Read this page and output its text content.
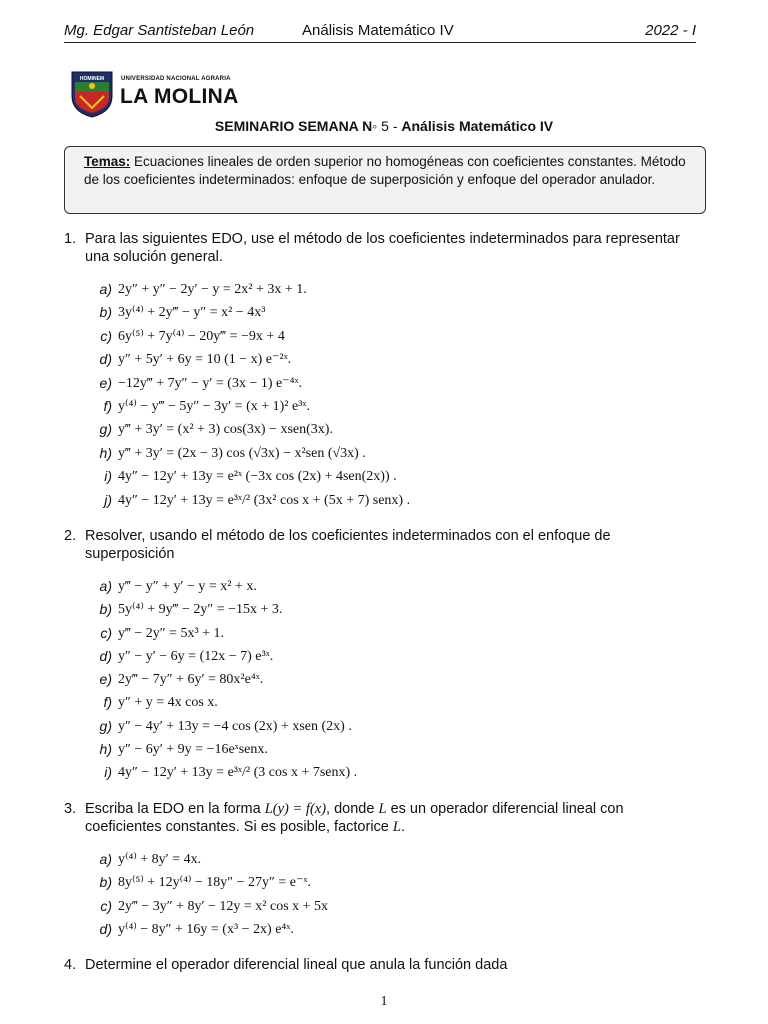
Mg. Edgar Santisteban León	Análisis Matemático IV	2022 - I
HOMINEM	UNIVERSIDAD NACIONAL AGRARIA
LA MOLINA
SEMINARIO SEMANA N◦ 5 - Análisis Matemático IV
Temas: Ecuaciones lineales de orden superior no homogéneas con coeficientes constantes. Método de los coeficientes indeterminados: enfoque de superposición y enfoque del operador anulador.
1. Para las siguientes EDO, use el método de los coeficientes indeterminados para representar una solución general.
a) 2y″ + y″ − 2y′ − y = 2x² + 3x + 1.
b) 3y⁽⁴⁾ + 2y‴ − y″ = x² − 4x³
c) 6y⁽⁵⁾ + 7y⁽⁴⁾ − 20y‴ = −9x + 4
d) y″ + 5y′ + 6y = 10 (1 − x) e⁻²ˣ.
e) −12y‴ + 7y″ − y′ = (3x − 1) e⁻⁴ˣ.
f) y⁽⁴⁾ − y‴ − 5y″ − 3y′ = (x + 1)² e³ˣ.
g) y‴ + 3y′ = (x² + 3) cos(3x) − xsen(3x).
h) y‴ + 3y′ = (2x − 3) cos (√3x) − x²sen (√3x) .
i) 4y″ − 12y′ + 13y = e²ˣ (−3x cos (2x) + 4sen(2x)) .
j) 4y″ − 12y′ + 13y = e³ˣ/² (3x² cos x + (5x + 7) senx) .
2. Resolver, usando el método de los coeficientes indeterminados con el enfoque de superposición
a) y‴ − y″ + y′ − y = x² + x.
b) 5y⁽⁴⁾ + 9y‴ − 2y″ = −15x + 3.
c) y‴ − 2y″ = 5x³ + 1.
d) y″ − y′ − 6y = (12x − 7) e³ˣ.
e) 2y‴ − 7y″ + 6y′ = 80x²e⁴ˣ.
f) y″ + y = 4x cos x.
g) y″ − 4y′ + 13y = −4 cos (2x) + xsen (2x) .
h) y″ − 6y′ + 9y = −16eˣsenx.
i) 4y″ − 12y′ + 13y = e³ˣ/² (3 cos x + 7senx) .
3. Escriba la EDO en la forma L(y) = f(x), donde L es un operador diferencial lineal con coeficientes constantes. Si es posible, factorice L.
a) y⁽⁴⁾ + 8y′ = 4x.
b) 8y⁽⁵⁾ + 12y⁽⁴⁾ − 18y″ − 27y″ = e⁻ˣ.
c) 2y‴ − 3y″ + 8y′ − 12y = x² cos x + 5x
d) y⁽⁴⁾ − 8y″ + 16y = (x³ − 2x) e⁴ˣ.
4. Determine el operador diferencial lineal que anula la función dada
1
